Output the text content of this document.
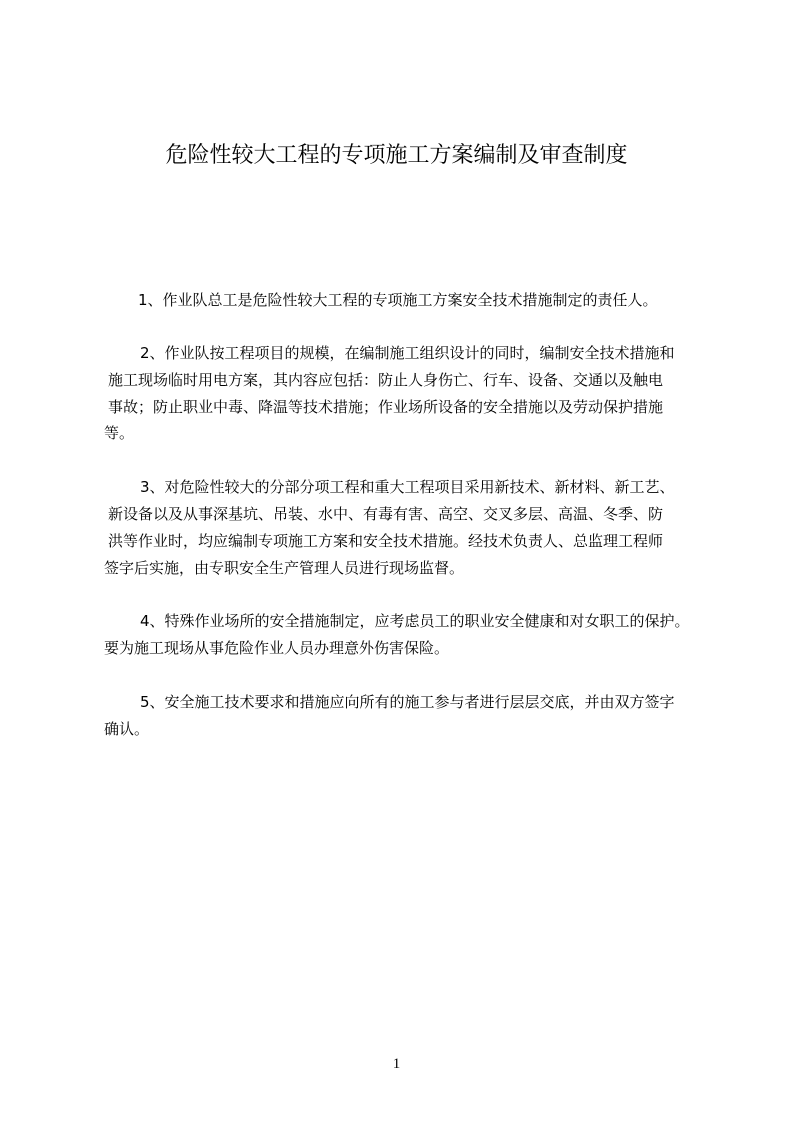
危险性较大工程的专项施工方案编制及审查制度
1、作业队总工是危险性较大工程的专项施工方案安全技术措施制定的责任人。
2、作业队按工程项目的规模，在编制施工组织设计的同时，编制安全技术措施和
施工现场临时用电方案，其内容应包括：防止人身伤亡、行车、设备、交通以及触电
事故；防止职业中毒、降温等技术措施；作业场所设备的安全措施以及劳动保护措施
等。
3、对危险性较大的分部分项工程和重大工程项目采用新技术、新材料、新工艺、
新设备以及从事深基坑、吊装、水中、有毒有害、高空、交叉多层、高温、冬季、防
洪等作业时，均应编制专项施工方案和安全技术措施。经技术负责人、总监理工程师
签字后实施，由专职安全生产管理人员进行现场监督。
4、特殊作业场所的安全措施制定，应考虑员工的职业安全健康和对女职工的保护。
要为施工现场从事危险作业人员办理意外伤害保险。
5、安全施工技术要求和措施应向所有的施工参与者进行层层交底，并由双方签字
确认。
1
